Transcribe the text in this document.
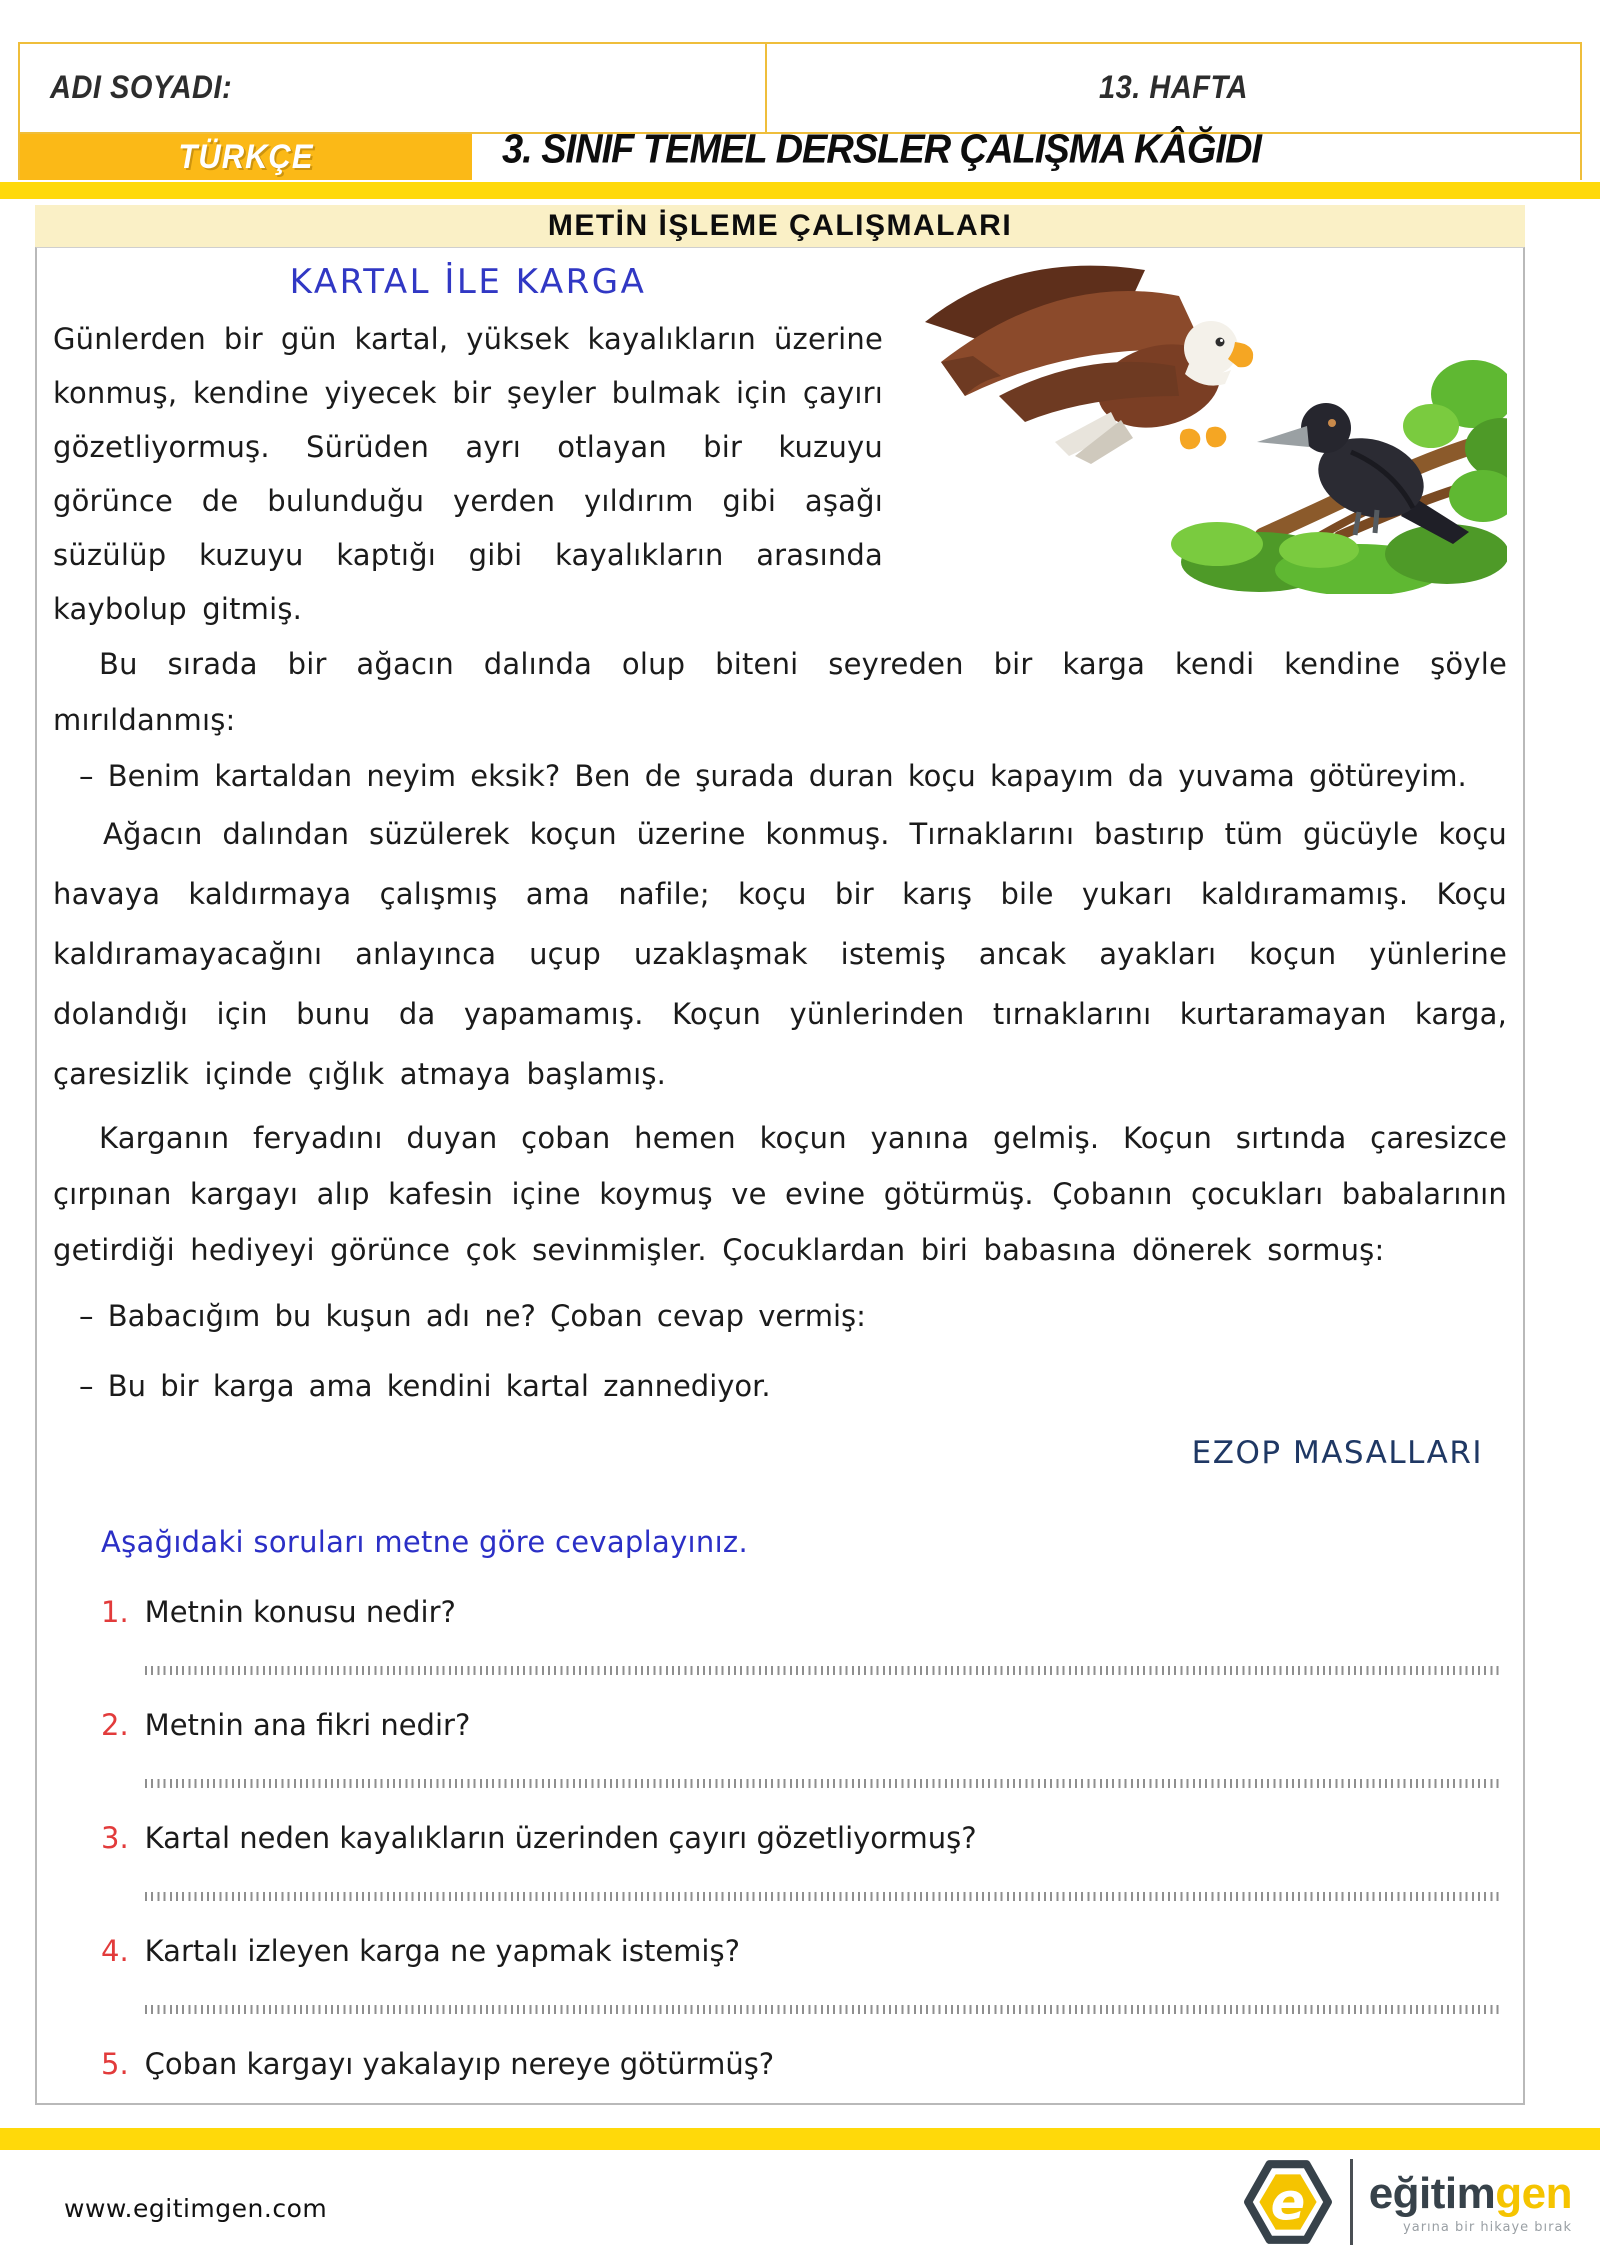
ADI SOYADI:	13. HAFTA
TÜRKÇE	3. SINIF TEMEL DERSLER ÇALIŞMA KÂĞIDI
METİN İŞLEME ÇALIŞMALARI
KARTAL İLE KARGA

Günlerden bir gün kartal, yüksek kayalıkların üzerine konmuş, kendine yiyecek bir şeyler bulmak için çayırı gözetliyormuş. Sürüden ayrı otlayan bir kuzuyu görünce de bulunduğu yerden yıldırım gibi aşağı süzülüp kuzuyu kaptığı gibi kayalıkların arasında kaybolup gitmiş.

Bu sırada bir ağacın dalında olup biteni seyreden bir karga kendi kendine şöyle mırıldanmış:

– Benim kartaldan neyim eksik? Ben de şurada duran koçu kapayım da yuvama götüreyim.

Ağacın dalından süzülerek koçun üzerine konmuş. Tırnaklarını bastırıp tüm gücüyle koçu havaya kaldırmaya çalışmış ama nafile; koçu bir karış bile yukarı kaldıramamış. Koçu kaldıramayacağını anlayınca uçup uzaklaşmak istemiş ancak ayakları koçun yünlerine dolandığı için bunu da yapamamış. Koçun yünlerinden tırnaklarını kurtaramayan karga, çaresizlik içinde çığlık atmaya başlamış.

Karganın feryadını duyan çoban hemen koçun yanına gelmiş. Koçun sırtında çaresizce çırpınan kargayı alıp kafesin içine koymuş ve evine götürmüş. Çobanın çocukları babalarının getirdiği hediyeyi görünce çok sevinmişler. Çocuklardan biri babasına dönerek sormuş:

– Babacığım bu kuşun adı ne? Çoban cevap vermiş:

– Bu bir karga ama kendini kartal zannediyor.

EZOP MASALLARI
Aşağıdaki soruları metne göre cevaplayınız.
1. Metnin konusu nedir?
2. Metnin ana fikri nedir?
3. Kartal neden kayalıkların üzerinden çayırı gözetliyormuş?
4. Kartalı izleyen karga ne yapmak istemiş?
5. Çoban kargayı yakalayıp nereye götürmüş?
www.egitimgen.com	e eğitimgen
yarına bir hikaye bırak
